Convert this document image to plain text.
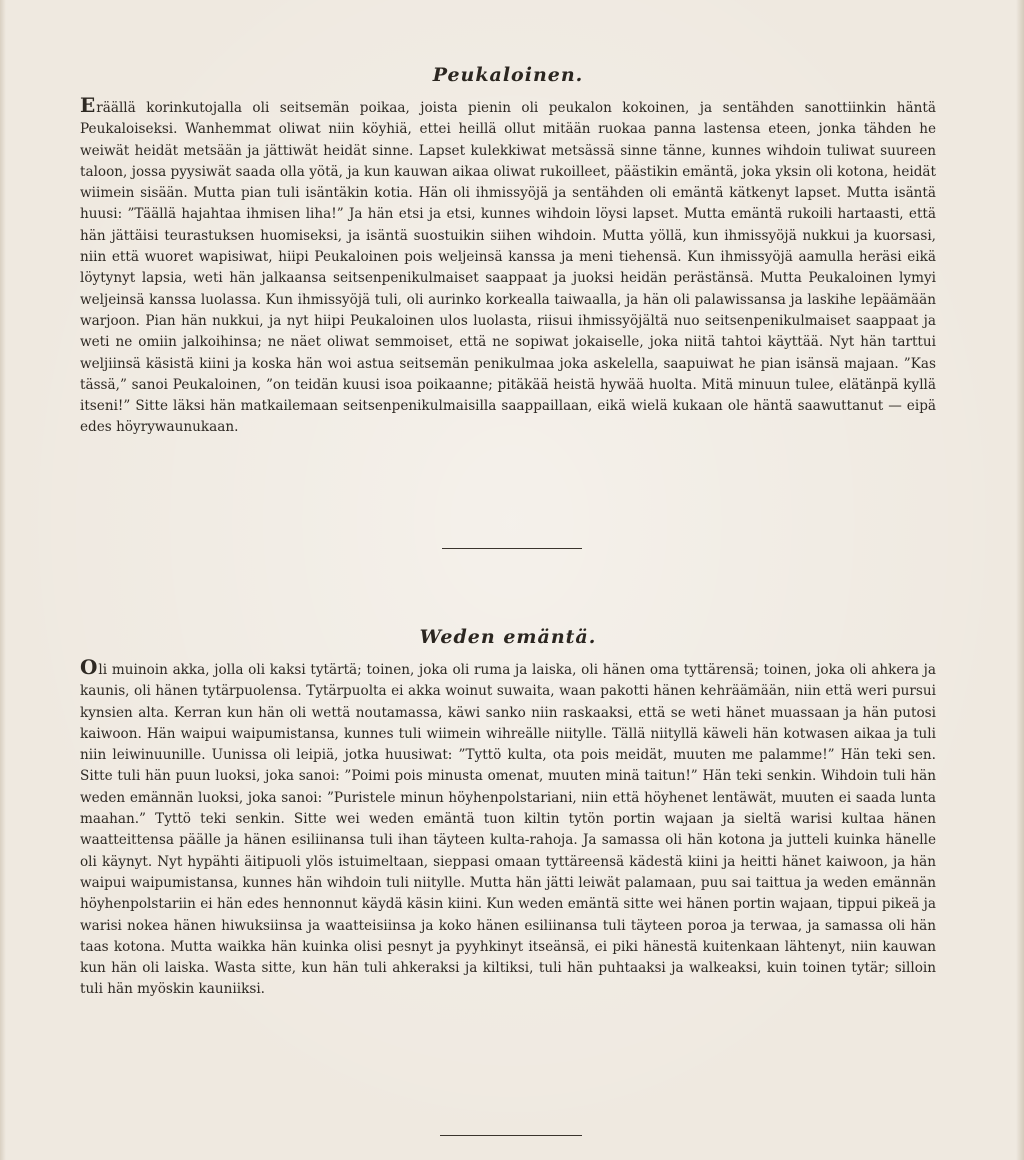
Peukaloinen.

Eräällä korinkutojalla oli seitsemän poikaa, joista pienin oli peukalon kokoinen, ja sentähden sanottiinkin häntä Peukaloiseksi. Wanhemmat oliwat niin köyhiä, ettei heillä ollut mitään ruokaa panna lastensa eteen, jonka tähden he weiwät heidät metsään ja jättiwät heidät sinne. Lapset kulekkiwat metsässä sinne tänne, kunnes wihdoin tuliwat suureen taloon, jossa pyysiwät saada olla yötä, ja kun kauwan aikaa oliwat rukoilleet, päästikin emäntä, joka yksin oli kotona, heidät wiimein sisään. Mutta pian tuli isäntäkin kotia. Hän oli ihmissyöjä ja sentähden oli emäntä kätkenyt lapset. Mutta isäntä huusi: ”Täällä hajahtaa ihmisen liha!” Ja hän etsi ja etsi, kunnes wihdoin löysi lapset. Mutta emäntä rukoili hartaasti, että hän jättäisi teurastuksen huomiseksi, ja isäntä suostuikin siihen wihdoin. Mutta yöllä, kun ihmissyöjä nukkui ja kuorsasi, niin että wuoret wapisiwat, hiipi Peukaloinen pois weljeinsä kanssa ja meni tiehensä. Kun ihmissyöjä aamulla heräsi eikä löytynyt lapsia, weti hän jalkaansa seitsenpenikulmaiset saappaat ja juoksi heidän perästänsä. Mutta Peukaloinen lymyi weljeinsä kanssa luolassa. Kun ihmissyöjä tuli, oli aurinko korkealla taiwaalla, ja hän oli palawissansa ja laskihe lepäämään warjoon. Pian hän nukkui, ja nyt hiipi Peukaloinen ulos luolasta, riisui ihmissyöjältä nuo seitsenpenikulmaiset saappaat ja weti ne omiin jalkoihinsa; ne näet oliwat semmoiset, että ne sopiwat jokaiselle, joka niitä tahtoi käyttää. Nyt hän tarttui weljiinsä käsistä kiini ja koska hän woi astua seitsemän penikulmaa joka askelella, saapuiwat he pian isänsä majaan. ”Kas tässä,” sanoi Peukaloinen, ”on teidän kuusi isoa poikaanne; pitäkää heistä hywää huolta. Mitä minuun tulee, elätänpä kyllä itseni!” Sitte läksi hän matkailemaan seitsenpenikulmaisilla saappaillaan, eikä wielä kukaan ole häntä saawuttanut — eipä edes höyrywaunukaan.

Weden emäntä.

Oli muinoin akka, jolla oli kaksi tytärtä; toinen, joka oli ruma ja laiska, oli hänen oma tyttärensä; toinen, joka oli ahkera ja kaunis, oli hänen tytärpuolensa. Tytärpuolta ei akka woinut suwaita, waan pakotti hänen kehräämään, niin että weri pursui kynsien alta. Kerran kun hän oli wettä noutamassa, käwi sanko niin raskaaksi, että se weti hänet muassaan ja hän putosi kaiwoon. Hän waipui waipumistansa, kunnes tuli wiimein wihreälle niitylle. Tällä niityllä käweli hän kotwasen aikaa ja tuli niin leiwinuunille. Uunissa oli leipiä, jotka huusiwat: ”Tyttö kulta, ota pois meidät, muuten me palamme!” Hän teki sen. Sitte tuli hän puun luoksi, joka sanoi: ”Poimi pois minusta omenat, muuten minä taitun!” Hän teki senkin. Wihdoin tuli hän weden emännän luoksi, joka sanoi: ”Puristele minun höyhenpolstariani, niin että höyhenet lentäwät, muuten ei saada lunta maahan.” Tyttö teki senkin. Sitte wei weden emäntä tuon kiltin tytön portin wajaan ja sieltä warisi kultaa hänen waatteittensa päälle ja hänen esiliinansa tuli ihan täyteen kulta-rahoja. Ja samassa oli hän kotona ja jutteli kuinka hänelle oli käynyt. Nyt hypähti äitipuoli ylös istuimeltaan, sieppasi omaan tyttäreensä kädestä kiini ja heitti hänet kaiwoon, ja hän waipui waipumistansa, kunnes hän wihdoin tuli niitylle. Mutta hän jätti leiwät palamaan, puu sai taittua ja weden emännän höyhenpolstariin ei hän edes hennonnut käydä käsin kiini. Kun weden emäntä sitte wei hänen portin wajaan, tippui pikeä ja warisi nokea hänen hiwuksiinsa ja waatteisiinsa ja koko hänen esiliinansa tuli täyteen poroa ja terwaa, ja samassa oli hän taas kotona. Mutta waikka hän kuinka olisi pesnyt ja pyyhkinyt itseänsä, ei piki hänestä kuitenkaan lähtenyt, niin kauwan kun hän oli laiska. Wasta sitte, kun hän tuli ahkeraksi ja kiltiksi, tuli hän puhtaaksi ja walkeaksi, kuin toinen tytär; silloin tuli hän myöskin kauniiksi.
